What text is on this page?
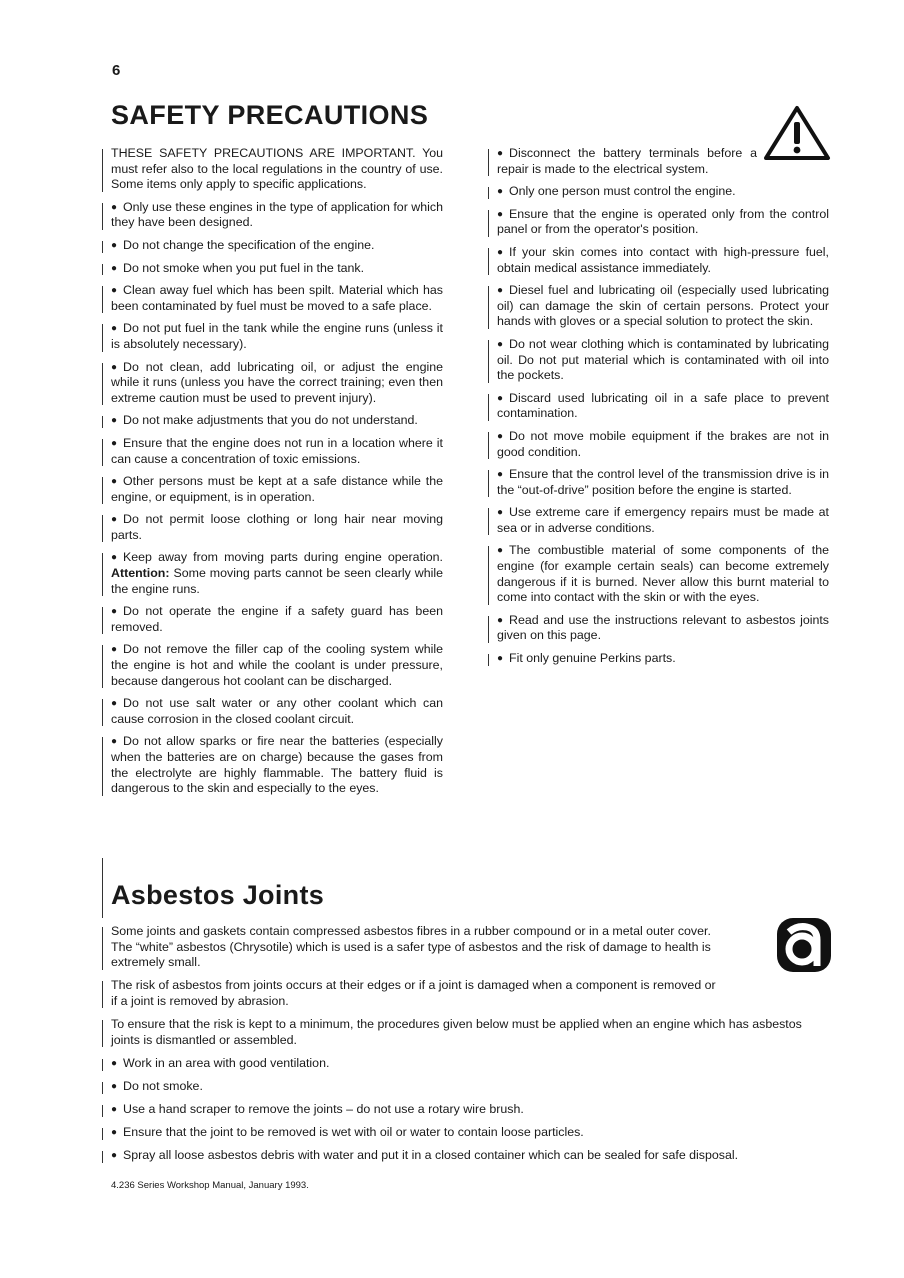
6
SAFETY PRECAUTIONS

THESE SAFETY PRECAUTIONS ARE IMPORTANT. You must refer also to the local regulations in the country of use. Some items only apply to specific applications.

● Only use these engines in the type of application for which they have been designed.

● Do not change the specification of the engine.

● Do not smoke when you put fuel in the tank.

● Clean away fuel which has been spilt. Material which has been contaminated by fuel must be moved to a safe place.

● Do not put fuel in the tank while the engine runs (unless it is absolutely necessary).

● Do not clean, add lubricating oil, or adjust the engine while it runs (unless you have the correct training; even then extreme caution must be used to prevent injury).

● Do not make adjustments that you do not understand.

● Ensure that the engine does not run in a location where it can cause a concentration of toxic emissions.

● Other persons must be kept at a safe distance while the engine, or equipment, is in operation.

● Do not permit loose clothing or long hair near moving parts.

● Keep away from moving parts during engine operation. Attention: Some moving parts cannot be seen clearly while the engine runs.

● Do not operate the engine if a safety guard has been removed.

● Do not remove the filler cap of the cooling system while the engine is hot and while the coolant is under pressure, because dangerous hot coolant can be discharged.

● Do not use salt water or any other coolant which can cause corrosion in the closed coolant circuit.

● Do not allow sparks or fire near the batteries (especially when the batteries are on charge) because the gases from the electrolyte are highly flammable. The battery fluid is dangerous to the skin and especially to the eyes.

● Disconnect the battery terminals before a repair is made to the electrical system.

● Only one person must control the engine.

● Ensure that the engine is operated only from the control panel or from the operator's position.

● If your skin comes into contact with high-pressure fuel, obtain medical assistance immediately.

● Diesel fuel and lubricating oil (especially used lubricating oil) can damage the skin of certain persons. Protect your hands with gloves or a special solution to protect the skin.

● Do not wear clothing which is contaminated by lubricating oil. Do not put material which is contaminated with oil into the pockets.

● Discard used lubricating oil in a safe place to prevent contamination.

● Do not move mobile equipment if the brakes are not in good condition.

● Ensure that the control level of the transmission drive is in the “out-of-drive” position before the engine is started.

● Use extreme care if emergency repairs must be made at sea or in adverse conditions.

● The combustible material of some components of the engine (for example certain seals) can become extremely dangerous if it is burned. Never allow this burnt material to come into contact with the skin or with the eyes.

● Read and use the instructions relevant to asbestos joints given on this page.

● Fit only genuine Perkins parts.

Asbestos Joints

Some joints and gaskets contain compressed asbestos fibres in a rubber compound or in a metal outer cover. The “white” asbestos (Chrysotile) which is used is a safer type of asbestos and the risk of damage to health is extremely small.

The risk of asbestos from joints occurs at their edges or if a joint is damaged when a component is removed or if a joint is removed by abrasion.

To ensure that the risk is kept to a minimum, the procedures given below must be applied when an engine which has asbestos joints is dismantled or assembled.

● Work in an area with good ventilation.
● Do not smoke.
● Use a hand scraper to remove the joints – do not use a rotary wire brush.
● Ensure that the joint to be removed is wet with oil or water to contain loose particles.
● Spray all loose asbestos debris with water and put it in a closed container which can be sealed for safe disposal.
4.236 Series Workshop Manual, January 1993.
